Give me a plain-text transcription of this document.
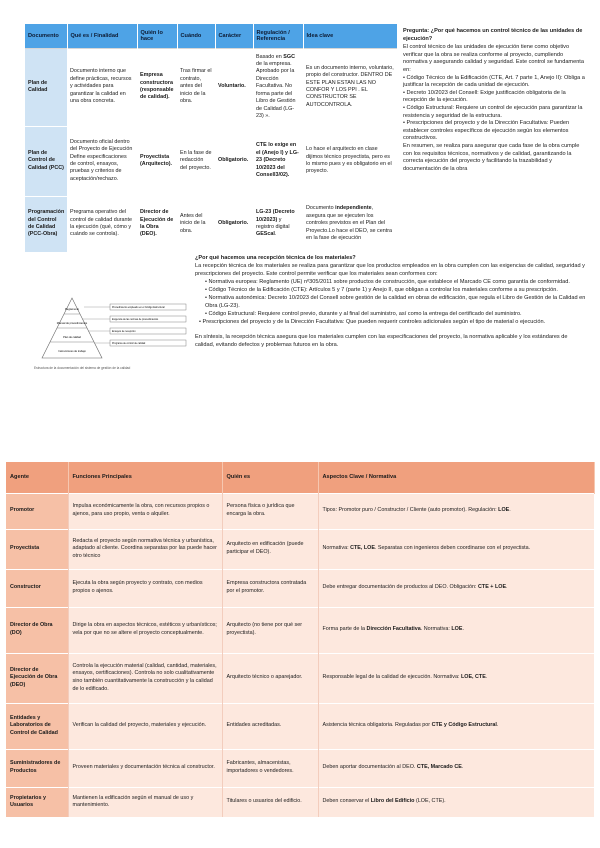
Documento	Qué es / Finalidad	Quién lo hace	Cuándo	Carácter	Regulación / Referencia	Idea clave
Plan de Calidad	Documento interno que define prácticas, recursos y actividades para garantizar la calidad en una obra concreta.	Empresa constructora (responsable de calidad).	Tras firmar el contrato, antes del inicio de la obra.	Voluntario.	Basado en SGC de la empresa. Aprobado por la Dirección Facultativa. No forma parte del Libro de Gestión de Calidad (LG-23) ».	Es un documento interno, voluntario, propio del constructor. DENTRO DE ESTE PLAN ESTAN LAS NO CONFOR Y LOS PPI . EL CONSTRUCTOR SE AUTOCONTROLA.
Plan de Control de Calidad (PCC)	Documento oficial dentro del Proyecto de Ejecución Define especificaciones de control, ensayos, pruebas y criterios de aceptación/rechazo.	Proyectista (Arquitecto).	En la fase de redacción del proyecto.	Obligatorio.	CTE lo exige en el (Anejo I) y LG-23 (Decreto 10/2023 del Consell3/02).	Lo hace el arquitecto en clase dijimos técnico proyectista, pero es lo mismo pues y es obligatorio en el proyecto.
Programación del Control de Calidad (PCC-Obra)	Pregrama operativo del control de calidad durante la ejecución (qué, cómo y cuándo se controla).	Director de Ejecución de la Obra (DEO).	Antes del inicio de la obra.	Obligatorio.	LG-23 (Decreto 10/2023) y registro digital GEScal.	Documento independiente, asegura que se ejecuten los controles previstos en el Plan del Proyecto.Lo hace el DEO, se centra en la fase de ejecución
Pregunta: ¿Por qué hacemos un control técnico de las unidades de ejecución?
El control técnico de las unidades de ejecución tiene como objetivo verificar que la obra se realiza conforme al proyecto, cumpliendo normativa y asegurando calidad y seguridad. Este control se fundamenta en:
• Código Técnico de la Edificación (CTE, Art. 7 parte 1, Anejo II): Obliga a justificar la recepción de cada unidad de ejecución.
• Decreto 10/2023 del Consell: Exige justificación obligatoria de la recepción de la ejecución.
• Código Estructural: Requiere un control de ejecución para garantizar la resistencia y seguridad de la estructura.
• Prescripciones del proyecto y de la Dirección Facultativa: Pueden establecer controles específicos de ejecución según los elementos constructivos.
En resumen, se realiza para asegurar que cada fase de la obra cumple con los requisitos técnicos, normativos y de calidad, garantizando la correcta ejecución del proyecto y facilitando la trazabilidad y documentación de la obra
Reglamento
Manual de procedimientos
Plan de calidad
Instrucciones de trabajo
Procedimiento empleado en el Código Estructural
Exigencia de las normas de procedimientos
Ensayos de recepción
Programa de control de calidad
Estructura de la documentación del sistema de gestión de la calidad
¿Por qué hacemos una recepción técnica de los materiales?
La recepción técnica de los materiales se realiza para garantizar que los productos empleados en la obra cumplen con las exigencias de calidad, seguridad y prescripciones del proyecto. Este control permite verificar que los materiales sean conformes con:
• Normativa europea: Reglamento (UE) nº305/2011 sobre productos de construcción, que establece el Marcado CE como garantía de conformidad.
• Código Técnico de la Edificación (CTE): Artículos 5 y 7 (parte 1) y Anejo II, que obligan a controlar los materiales conforme a su prescripción.
• Normativa autonómica: Decreto 10/2023 del Consell sobre gestión de la calidad en obras de edificación, que regula el Libro de Gestión de la Calidad en Obra (LG-23).
• Código Estructural: Requiere control previo, durante y al final del suministro, así como la entrega del certificado del suministro.
• Prescripciones del proyecto y de la Dirección Facultativa: Que pueden requerir controles adicionales según el tipo de material o ejecución.
En síntesis, la recepción técnica asegura que los materiales cumplen con las especificaciones del proyecto, la normativa aplicable y los estándares de calidad, evitando defectos y problemas futuros en la obra.
Agente	Funciones Principales	Quién es	Aspectos Clave / Normativa
Promotor	Impulsa económicamente la obra, con recursos propios o ajenos, para uso propio, venta o alquiler.	Persona física o jurídica que encarga la obra.	Tipos: Promotor puro / Constructor / Cliente (auto promotor). Regulación: LOE.
Proyectista	Redacta el proyecto según normativa técnica y urbanística, adaptado al cliente. Coordina separatas por las puede hacer otro técnico	Arquitecto en edificación (puede participar el DEO).	Normativa: CTE, LOE. Separatas con ingenieros deben coordinarse con el proyectista.
Constructor	Ejecuta la obra según proyecto y contrato, con medios propios o ajenos.	Empresa constructora contratada por el promotor.	Debe entregar documentación de productos al DEO. Obligación: CTE + LOE.
Director de Obra (DO)	Dirige la obra en aspectos técnicos, estéticos y urbanísticos; vela por que no se altere el proyecto conceptualmente.	Arquitecto (no tiene por qué ser proyectista).	Forma parte de la Dirección Facultativa. Normativa: LOE.
Director de Ejecución de Obra (DEO)	Controla la ejecución material (calidad, cantidad, materiales, ensayos, certificaciones). Controla no solo cualitativamente sino también cuantitativamente la construcción y la calidad de lo edificado.	Arquitecto técnico o aparejador.	Responsable legal de la calidad de ejecución. Normativa: LOE, CTE.
Entidades y Laboratorios de Control de Calidad	Verifican la calidad del proyecto, materiales y ejecución.	Entidades acreditadas.	Asistencia técnica obligatoria. Reguladas por CTE y Código Estructural.
Suministradores de Productos	Proveen materiales y documentación técnica al constructor.	Fabricantes, almacenistas, importadores o vendedores.	Deben aportar documentación al DEO. CTE, Marcado CE.
Propietarios y Usuarios	Mantienen la edificación según el manual de uso y mantenimiento.	Titulares o usuarios del edificio.	Deben conservar el Libro del Edificio (LOE, CTE).
